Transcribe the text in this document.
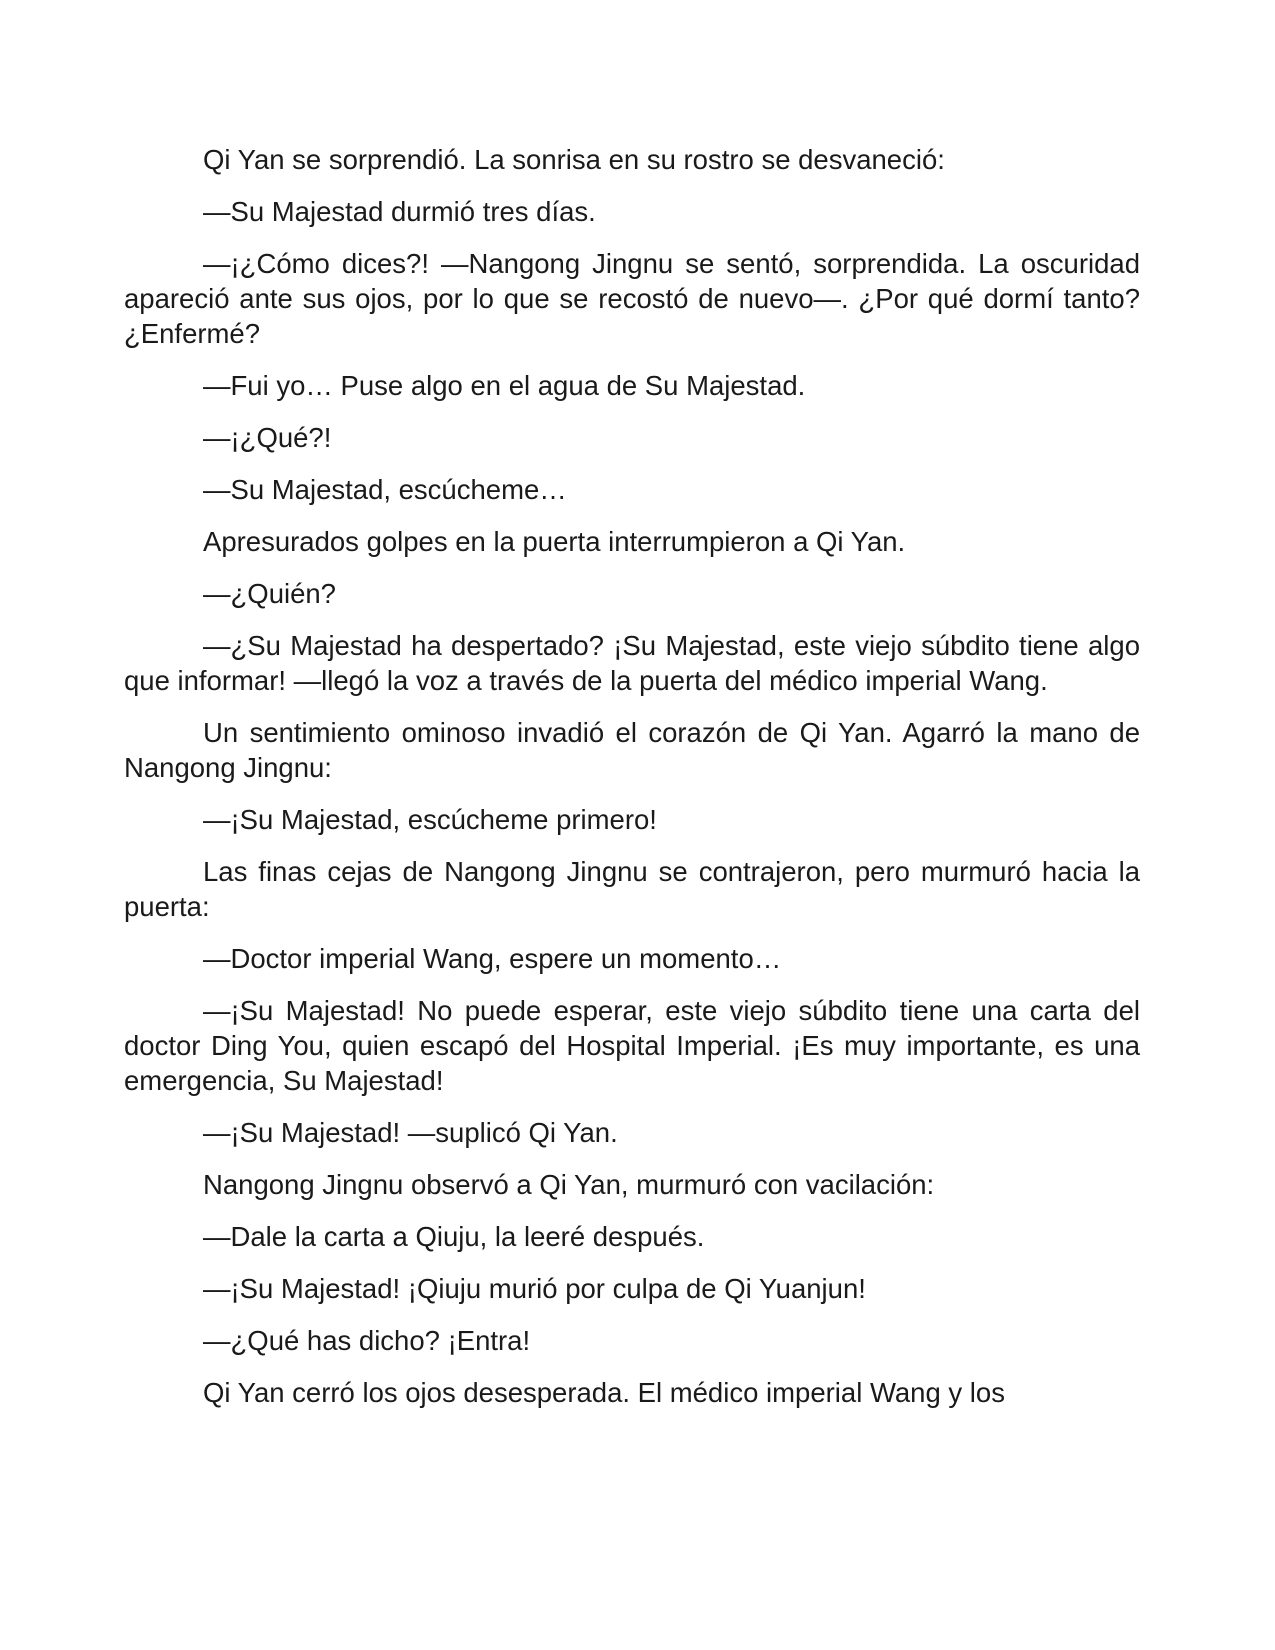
Qi Yan se sorprendió. La sonrisa en su rostro se desvaneció:

—Su Majestad durmió tres días.

—¡¿Cómo dices?! —Nangong Jingnu se sentó, sorprendida. La oscuridad apareció ante sus ojos, por lo que se recostó de nuevo—. ¿Por qué dormí tanto? ¿Enfermé?

—Fui yo… Puse algo en el agua de Su Majestad.

—¡¿Qué?!

—Su Majestad, escúcheme…

Apresurados golpes en la puerta interrumpieron a Qi Yan.

—¿Quién?

—¿Su Majestad ha despertado? ¡Su Majestad, este viejo súbdito tiene algo que informar! —llegó la voz a través de la puerta del médico imperial Wang.

Un sentimiento ominoso invadió el corazón de Qi Yan. Agarró la mano de Nangong Jingnu:

—¡Su Majestad, escúcheme primero!

Las finas cejas de Nangong Jingnu se contrajeron, pero murmuró hacia la puerta:

—Doctor imperial Wang, espere un momento…

—¡Su Majestad! No puede esperar, este viejo súbdito tiene una carta del doctor Ding You, quien escapó del Hospital Imperial. ¡Es muy importante, es una emergencia, Su Majestad!

—¡Su Majestad! —suplicó Qi Yan.

Nangong Jingnu observó a Qi Yan, murmuró con vacilación:

—Dale la carta a Qiuju, la leeré después.

—¡Su Majestad! ¡Qiuju murió por culpa de Qi Yuanjun!

—¿Qué has dicho? ¡Entra!

Qi Yan cerró los ojos desesperada. El médico imperial Wang y los
